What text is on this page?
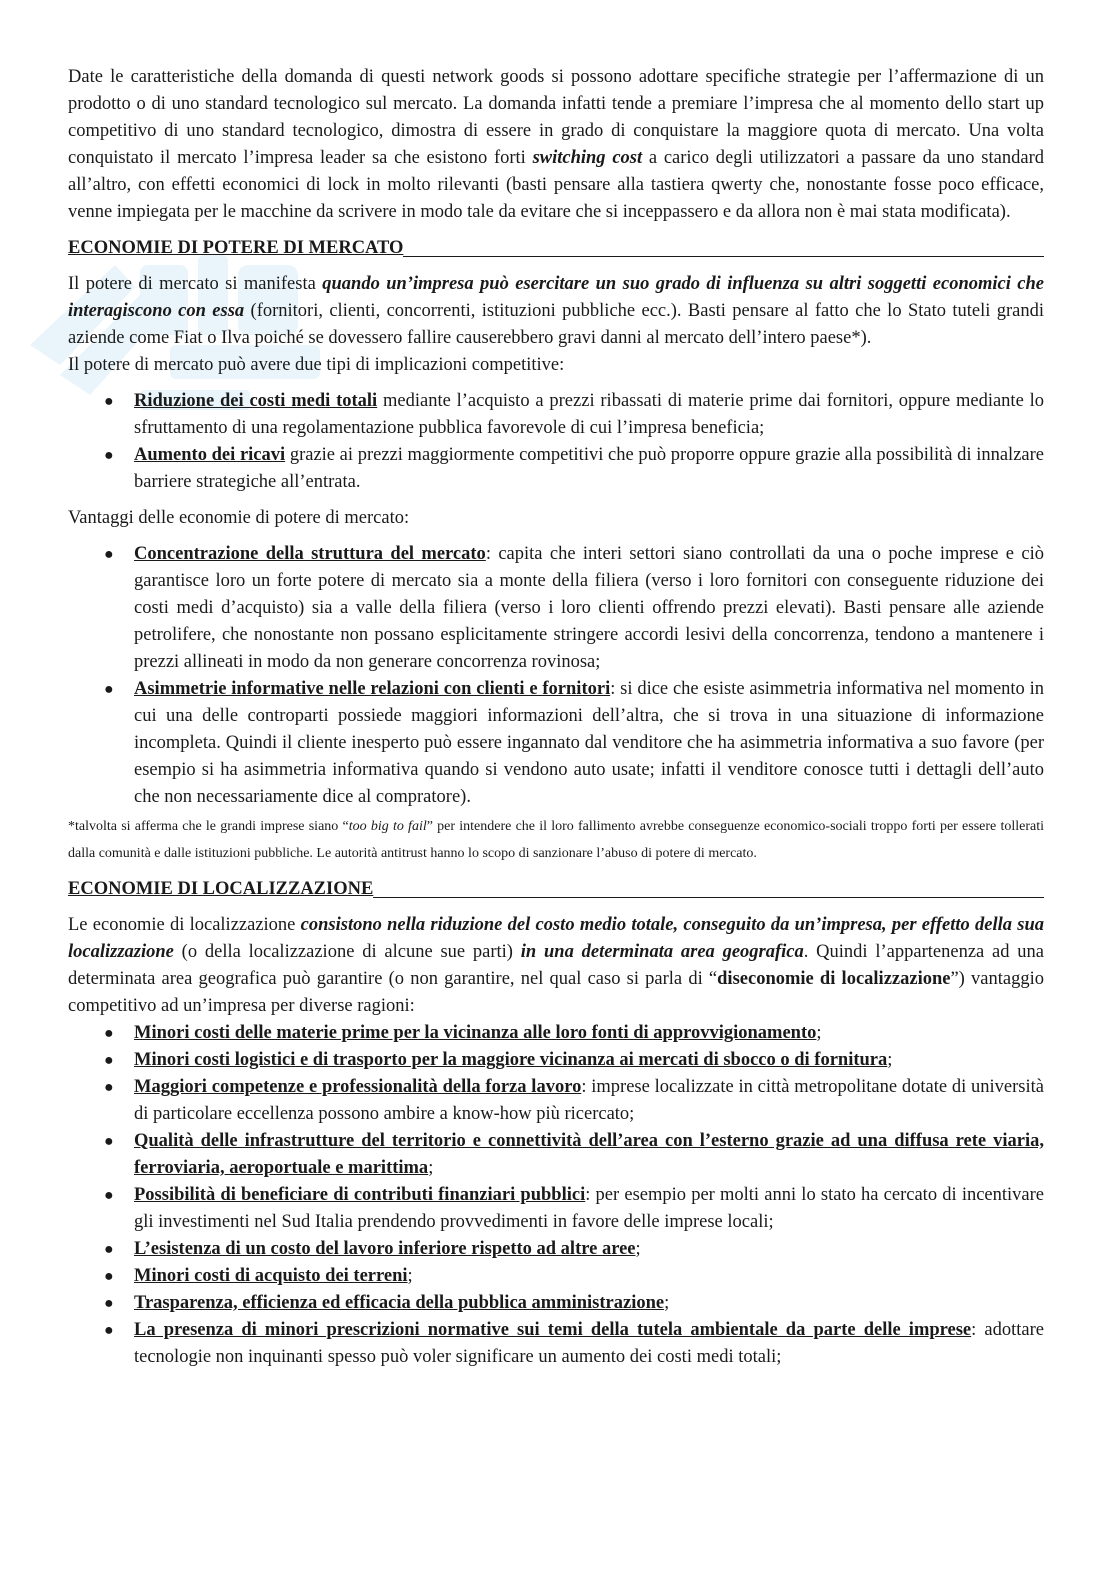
Date le caratteristiche della domanda di questi network goods si possono adottare specifiche strategie per l’affermazione di un prodotto o di uno standard tecnologico sul mercato. La domanda infatti tende a premiare l’impresa che al momento dello start up competitivo di uno standard tecnologico, dimostra di essere in grado di conquistare la maggiore quota di mercato. Una volta conquistato il mercato l’impresa leader sa che esistono forti switching cost a carico degli utilizzatori a passare da uno standard all’altro, con effetti economici di lock in molto rilevanti (basti pensare alla tastiera qwerty che, nonostante fosse poco efficace, venne impiegata per le macchine da scrivere in modo tale da evitare che si inceppassero e da allora non è mai stata modificata).

ECONOMIE DI POTERE DI MERCATO

Il potere di mercato si manifesta quando un’impresa può esercitare un suo grado di influenza su altri soggetti economici che interagiscono con essa (fornitori, clienti, concorrenti, istituzioni pubbliche ecc.). Basti pensare al fatto che lo Stato tuteli grandi aziende come Fiat o Ilva poiché se dovessero fallire causerebbero gravi danni al mercato dell’intero paese*).

Il potere di mercato può avere due tipi di implicazioni competitive:

● Riduzione dei costi medi totali mediante l’acquisto a prezzi ribassati di materie prime dai fornitori, oppure mediante lo sfruttamento di una regolamentazione pubblica favorevole di cui l’impresa beneficia;
● Aumento dei ricavi grazie ai prezzi maggiormente competitivi che può proporre oppure grazie alla possibilità di innalzare barriere strategiche all’entrata.

Vantaggi delle economie di potere di mercato:

● Concentrazione della struttura del mercato: capita che interi settori siano controllati da una o poche imprese e ciò garantisce loro un forte potere di mercato sia a monte della filiera (verso i loro fornitori con conseguente riduzione dei costi medi d’acquisto) sia a valle della filiera (verso i loro clienti offrendo prezzi elevati). Basti pensare alle aziende petrolifere, che nonostante non possano esplicitamente stringere accordi lesivi della concorrenza, tendono a mantenere i prezzi allineati in modo da non generare concorrenza rovinosa;
● Asimmetrie informative nelle relazioni con clienti e fornitori: si dice che esiste asimmetria informativa nel momento in cui una delle controparti possiede maggiori informazioni dell’altra, che si trova in una situazione di informazione incompleta. Quindi il cliente inesperto può essere ingannato dal venditore che ha asimmetria informativa a suo favore (per esempio si ha asimmetria informativa quando si vendono auto usate; infatti il venditore conosce tutti i dettagli dell’auto che non necessariamente dice al compratore).

*talvolta si afferma che le grandi imprese siano “too big to fail” per intendere che il loro fallimento avrebbe conseguenze economico-sociali troppo forti per essere tollerati dalla comunità e dalle istituzioni pubbliche. Le autorità antitrust hanno lo scopo di sanzionare l’abuso di potere di mercato.

ECONOMIE DI LOCALIZZAZIONE

Le economie di localizzazione consistono nella riduzione del costo medio totale, conseguito da un’impresa, per effetto della sua localizzazione (o della localizzazione di alcune sue parti) in una determinata area geografica. Quindi l’appartenenza ad una determinata area geografica può garantire (o non garantire, nel qual caso si parla di “diseconomie di localizzazione”) vantaggio competitivo ad un’impresa per diverse ragioni:

● Minori costi delle materie prime per la vicinanza alle loro fonti di approvvigionamento;
● Minori costi logistici e di trasporto per la maggiore vicinanza ai mercati di sbocco o di fornitura;
● Maggiori competenze e professionalità della forza lavoro: imprese localizzate in città metropolitane dotate di università di particolare eccellenza possono ambire a know-how più ricercato;
● Qualità delle infrastrutture del territorio e connettività dell’area con l’esterno grazie ad una diffusa rete viaria, ferroviaria, aeroportuale e marittima;
● Possibilità di beneficiare di contributi finanziari pubblici: per esempio per molti anni lo stato ha cercato di incentivare gli investimenti nel Sud Italia prendendo provvedimenti in favore delle imprese locali;
● L’esistenza di un costo del lavoro inferiore rispetto ad altre aree;
● Minori costi di acquisto dei terreni;
● Trasparenza, efficienza ed efficacia della pubblica amministrazione;
● La presenza di minori prescrizioni normative sui temi della tutela ambientale da parte delle imprese: adottare tecnologie non inquinanti spesso può voler significare un aumento dei costi medi totali;
